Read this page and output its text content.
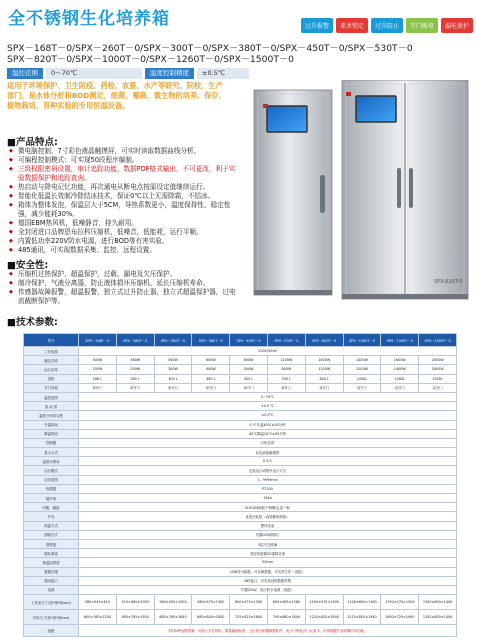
全不锈钢生化培养箱	过升报警	来单锁定	过升防止	开门断电	漏电保护
SPX－168T－0/SPX－260T－0/SPX－300T－0/SPX－380T－0/SPX－450T－0/SPX－530T－0
SPX－820T－0/SPX－1000T－0/SPX－1260T－0/SPX－1500T－0
温控范围	0～70℃	温度控制精度	±0.5℃
适用于环境保护、卫生防疫、药检、农畜、水产等研究、院校、生产部门，是水体分析和BOD测定，细菌、霉菌、微生物的培养、保存、植物栽培、育种实验的专用恒温设备。
■产品特点:
◆ 微电脑控制，7寸彩色液晶触摸屏，可实时读取数据曲线分析。
◆ 可编程控制模式：可实现50段程序编制。
◆ 三级权限密码设置，审计追踪功能，数据PDF格式输出，不可更改，利于实验数据保护和追踪查询。
◆ 热启动与降电记忆功能，再次通电从断电点按原设定值继续运行。
◆ 智能化低温长效制冷除结冰技术，保证0℃以上无需除霜，不结冰。
◆ 箱体为整体发泡，保温层大于5CM，导热系数更小，温度保持性、稳定性强，减少能耗30%。
◆ 德国EBM热风机，低噪静音，持久耐用。
◆ 全封闭进口品牌恩布拉科压缩机，低噪音，低能耗，运行平顺。
◆ 内置低功率220V防水电源，进行BOD等有害实验。
◆ 485通讯，可实现数据采集、监控、远程设置。
■安全性:
◆ 压缩机过热保护，超温保护，过载、漏电及欠压保护。
◆ 制冷保护，气液分离器，防止液体损坏压缩机，延长压缩机寿命。
◆ 传感器故障报警，超温报警，独立式过升防止器，独立式超温保护器，过电流截断保护等。
■技术参数:
SPX-820T-0
型号	SPX－168T－0	SPX－260T－0	SPX－300T－0	SPX－380T－0	SPX－450T－0	SPX－530T－0	SPX－820T－0	SPX－1000T－0	SPX－1260T－0	SPX－1500T－0
工作电源	220V/50Hz									
额定功率	300W	380W	500W	600W	800W	1100W	1400W	1400W	1600W	2000W
运行功率	200W	250W	300W	400W	500W	800W	1200W	1200W	1400W	1600W
容积	168 L	260 L	300 L	380 L	450 L	530 L	820 L	1000L	1260L	1500L
开门结构	单开门	单开门	单开门	单开门	单开门	单开门	双开门	双开门	双开门	双开门
温控范围	0~70℃									
波 动 度	±0.5 ℃									
温度分布均匀度	±0.5℃									
升温时间	0 ℃升温40℃≤30分钟									
降温时间	40℃降温10℃≤50分钟									
控制器	日机彩屏									
显示方式	彩色液晶触摸屏									
温度分辨率	0.1℃									
运行模式	定值运行或程序运行方式									
定时范围	1 - 9999min									
传感器	PT100									
制冷剂	134a									
内胆、搁板	SUS304镜面不锈钢/五层一般									
外壳	优质冷轧板（表面静电喷涂）									
保温方式	整体发泡									
照明方式	内置LED照明灯									
观察窗	3层中空玻璃									
循环系统	底部风道循环/强制对流									
保温层厚度	50mm									
数据存储	USB导出数据，可存储数据，可实时打印（选配）									
通讯接口	485接口，可实现远程数据采集									
电源	内置220V，低压防水电源（选配）									
工作室尺寸(宽*深*高mm)	580×545×615	510×480×1050	580×455×1300	580×575×1300	600×575×1300	600×585×1380	1150×575×1300	1100×600×1300	1750×575×1300	1350×600×1400
外形尺寸(宽*深*高mm)	600×760×1250	690×785×1500	685×765×1840	680×800×1840	725×825×1840	790×880×1840	1210×820×1840	1215×820×1940	1900×725×1940	1350×800×1400
选配	手机APP远程控制、可嵌入式打印机、微量漏液检查、上位机分析器数据软件、电子门锁及开门记录卡、可视数据产品故障向导功能。									
